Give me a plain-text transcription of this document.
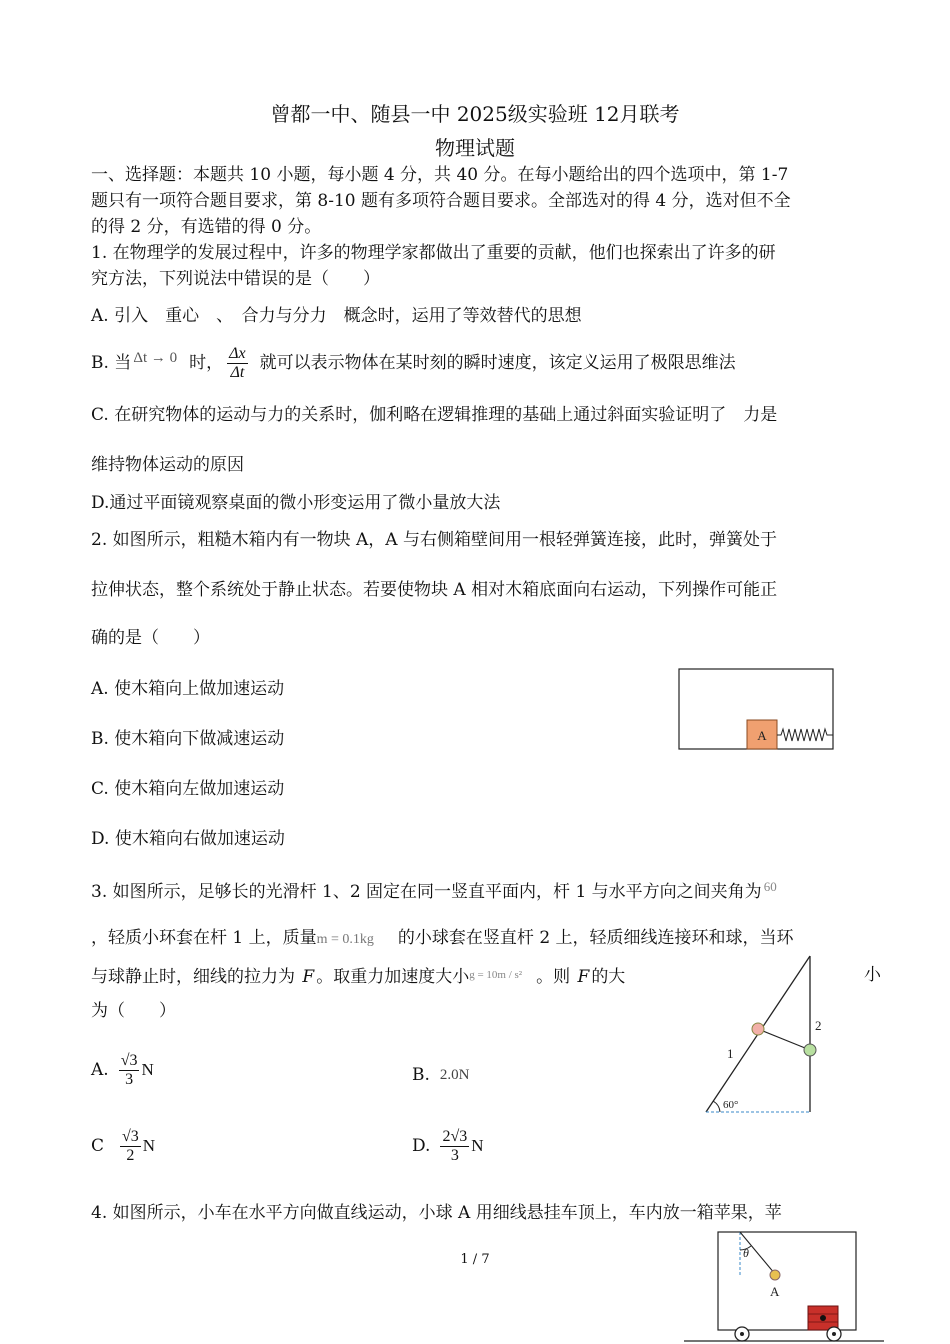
曾都一中、随县一中 2025级实验班 12月联考
物理试题
一、选择题：本题共 10 小题，每小题 4 分，共 40 分。在每小题给出的四个选项中，第 1-7
题只有一项符合题目要求，第 8-10 题有多项符合题目要求。全部选对的得 4 分，选对但不全
的得 2 分，有选错的得 0 分。
1. 在物理学的发展过程中，许多的物理学家都做出了重要的贡献，他们也探索出了许多的研
究方法，下列说法中错误的是（　　）
A. 引入　重心　、　合力与分力　概念时，运用了等效替代的思想
B. 当 Δt → 0 时， $\frac{\Delta x}{\Delta t}$ 就可以表示物体在某时刻的瞬时速度，该定义运用了极限思维法
C. 在研究物体的运动与力的关系时，伽利略在逻辑推理的基础上通过斜面实验证明了　力是
维持物体运动的原因
D.通过平面镜观察桌面的微小形变运用了微小量放大法
2. 如图所示，粗糙木箱内有一物块 A，A 与右侧箱壁间用一根轻弹簧连接，此时，弹簧处于
拉伸状态，整个系统处于静止状态。若要使物块 A 相对木箱底面向右运动，下列操作可能正
确的是（　　）
A. 使木箱向上做加速运动
B. 使木箱向下做减速运动
C. 使木箱向左做加速运动
D. 使木箱向右做加速运动
A
3. 如图所示，足够长的光滑杆 1、2 固定在同一竖直平面内，杆 1 与水平方向之间夹角为 $^{60}$
，轻质小环套在杆 1 上，质量m = 0.1kg 的小球套在竖直杆 2 上，轻质细线连接环和球，当环
与球静止时，细线的拉力为 F 。取重力加速度大小$^{g = 10m / s^2}$ 。则 F 的大	小
为（　　）
A. $\frac{√3}{3}$ N	B. 2.0N
C $\frac{√3}{2}$ N	D. $\frac{2√3}{3}$ N
1
2
60°
4. 如图所示，小车在水平方向做直线运动，小球 A 用细线悬挂车顶上，车内放一箱苹果，苹
θ
A
1 / 7
